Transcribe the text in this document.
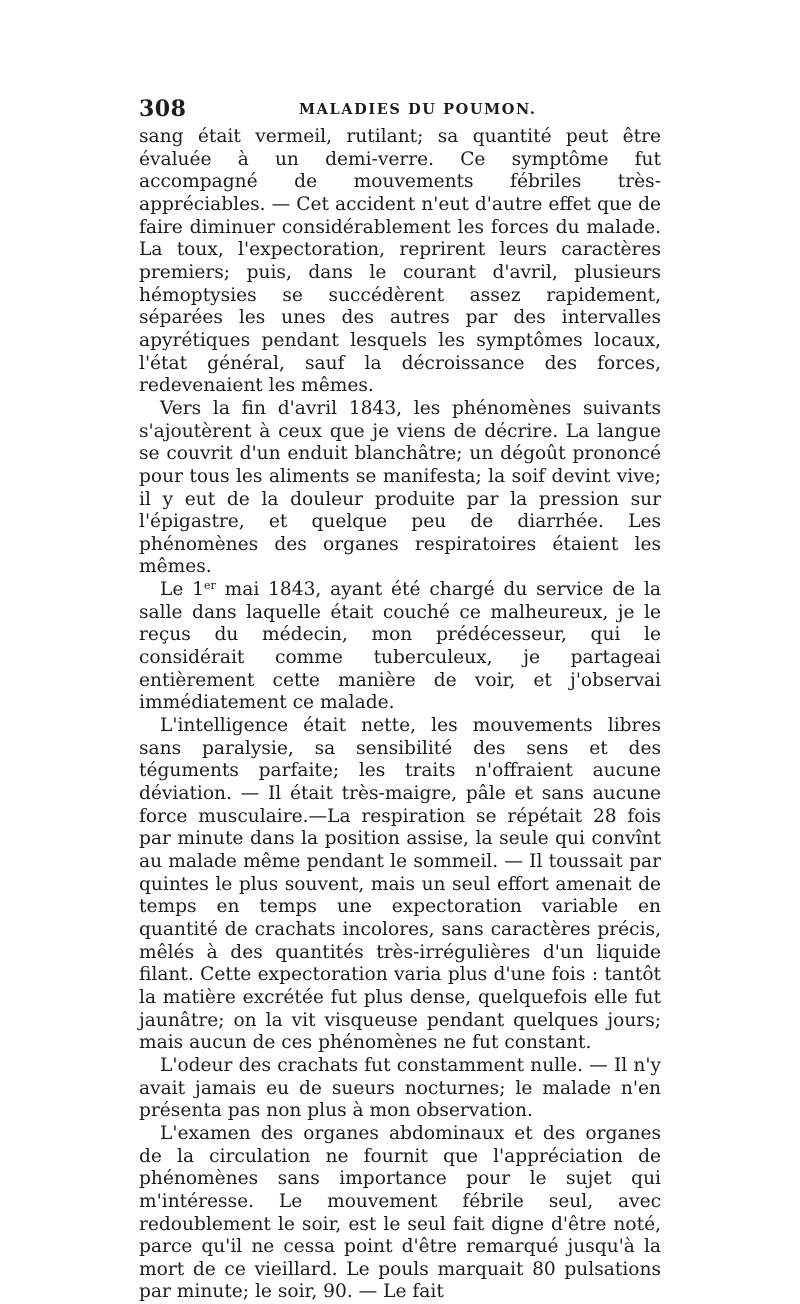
308	MALADIES DU POUMON.

sang était vermeil, rutilant; sa quantité peut être évaluée à un demi-verre. Ce symptôme fut accompagné de mouvements fébriles très-appréciables. — Cet accident n'eut d'autre effet que de faire diminuer considérablement les forces du malade. La toux, l'expectoration, reprirent leurs caractères premiers; puis, dans le courant d'avril, plusieurs hémoptysies se succédèrent assez rapidement, séparées les unes des autres par des intervalles apyrétiques pendant lesquels les symptômes locaux, l'état général, sauf la décroissance des forces, redevenaient les mêmes.

Vers la fin d'avril 1843, les phénomènes suivants s'ajoutèrent à ceux que je viens de décrire. La langue se couvrit d'un enduit blanchâtre; un dégoût prononcé pour tous les aliments se manifesta; la soif devint vive; il y eut de la douleur produite par la pression sur l'épigastre, et quelque peu de diarrhée. Les phénomènes des organes respiratoires étaient les mêmes.

Le 1er mai 1843, ayant été chargé du service de la salle dans laquelle était couché ce malheureux, je le reçus du médecin, mon prédécesseur, qui le considérait comme tuberculeux, je partageai entièrement cette manière de voir, et j'observai immédiatement ce malade.

L'intelligence était nette, les mouvements libres sans paralysie, sa sensibilité des sens et des téguments parfaite; les traits n'offraient aucune déviation. — Il était très-maigre, pâle et sans aucune force musculaire.—La respiration se répétait 28 fois par minute dans la position assise, la seule qui convînt au malade même pendant le sommeil. — Il toussait par quintes le plus souvent, mais un seul effort amenait de temps en temps une expectoration variable en quantité de crachats incolores, sans caractères précis, mêlés à des quantités très-irrégulières d'un liquide filant. Cette expectoration varia plus d'une fois : tantôt la matière excrétée fut plus dense, quelquefois elle fut jaunâtre; on la vit visqueuse pendant quelques jours; mais aucun de ces phénomènes ne fut constant.

L'odeur des crachats fut constamment nulle. — Il n'y avait jamais eu de sueurs nocturnes; le malade n'en présenta pas non plus à mon observation.

L'examen des organes abdominaux et des organes de la circulation ne fournit que l'appréciation de phénomènes sans importance pour le sujet qui m'intéresse. Le mouvement fébrile seul, avec redoublement le soir, est le seul fait digne d'être noté, parce qu'il ne cessa point d'être remarqué jusqu'à la mort de ce vieillard. Le pouls marquait 80 pulsations par minute; le soir, 90. — Le fait
